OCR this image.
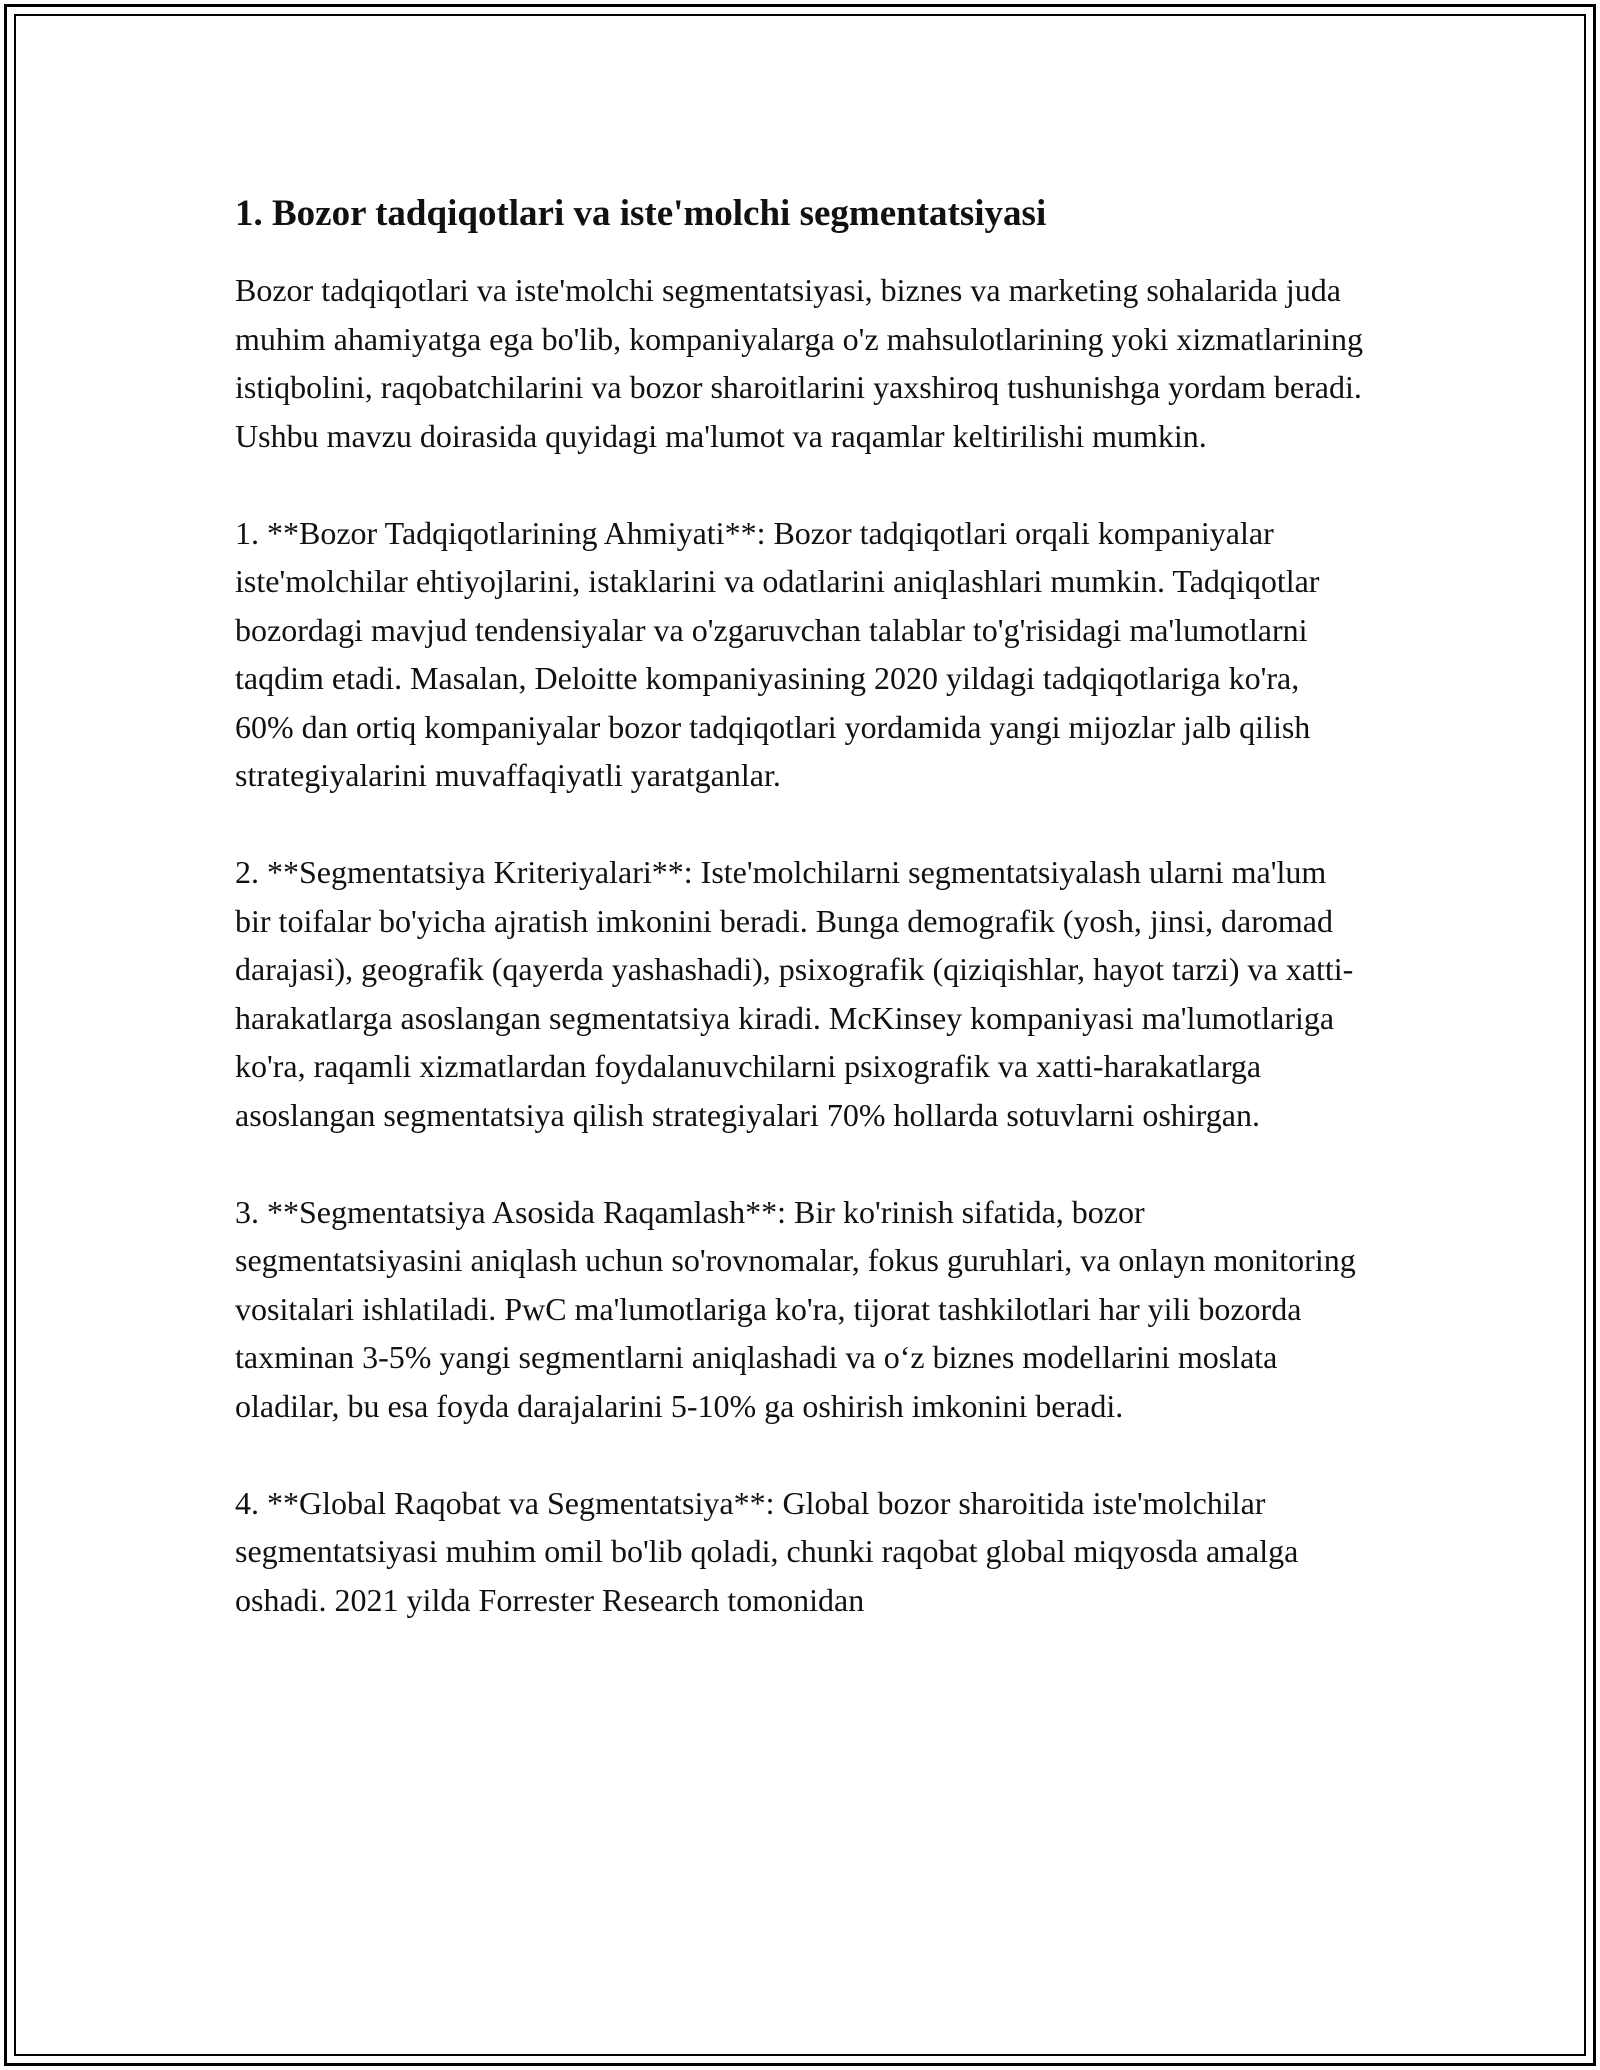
1. Bozor tadqiqotlari va iste'molchi segmentatsiyasi

Bozor tadqiqotlari va iste'molchi segmentatsiyasi, biznes va marketing sohalarida juda muhim ahamiyatga ega bo'lib, kompaniyalarga o'z mahsulotlarining yoki xizmatlarining istiqbolini, raqobatchilarini va bozor sharoitlarini yaxshiroq tushunishga yordam beradi. Ushbu mavzu doirasida quyidagi ma'lumot va raqamlar keltirilishi mumkin.

1. **Bozor Tadqiqotlarining Ahmiyati**: Bozor tadqiqotlari orqali kompaniyalar iste'molchilar ehtiyojlarini, istaklarini va odatlarini aniqlashlari mumkin. Tadqiqotlar bozordagi mavjud tendensiyalar va o'zgaruvchan talablar to'g'risidagi ma'lumotlarni taqdim etadi. Masalan, Deloitte kompaniyasining 2020 yildagi tadqiqotlariga ko'ra, 60% dan ortiq kompaniyalar bozor tadqiqotlari yordamida yangi mijozlar jalb qilish strategiyalarini muvaffaqiyatli yaratganlar.

2. **Segmentatsiya Kriteriyalari**: Iste'molchilarni segmentatsiyalash ularni ma'lum bir toifalar bo'yicha ajratish imkonini beradi. Bunga demografik (yosh, jinsi, daromad darajasi), geografik (qayerda yashashadi), psixografik (qiziqishlar, hayot tarzi) va xatti-harakatlarga asoslangan segmentatsiya kiradi. McKinsey kompaniyasi ma'lumotlariga ko'ra, raqamli xizmatlardan foydalanuvchilarni psixografik va xatti-harakatlarga asoslangan segmentatsiya qilish strategiyalari 70% hollarda sotuvlarni oshirgan.

3. **Segmentatsiya Asosida Raqamlash**: Bir ko'rinish sifatida, bozor segmentatsiyasini aniqlash uchun so'rovnomalar, fokus guruhlari, va onlayn monitoring vositalari ishlatiladi. PwC ma'lumotlariga ko'ra, tijorat tashkilotlari har yili bozorda taxminan 3-5% yangi segmentlarni aniqlashadi va o‘z biznes modellarini moslata oladilar, bu esa foyda darajalarini 5-10% ga oshirish imkonini beradi.

4. **Global Raqobat va Segmentatsiya**: Global bozor sharoitida iste'molchilar segmentatsiyasi muhim omil bo'lib qoladi, chunki raqobat global miqyosda amalga oshadi. 2021 yilda Forrester Research tomonidan
